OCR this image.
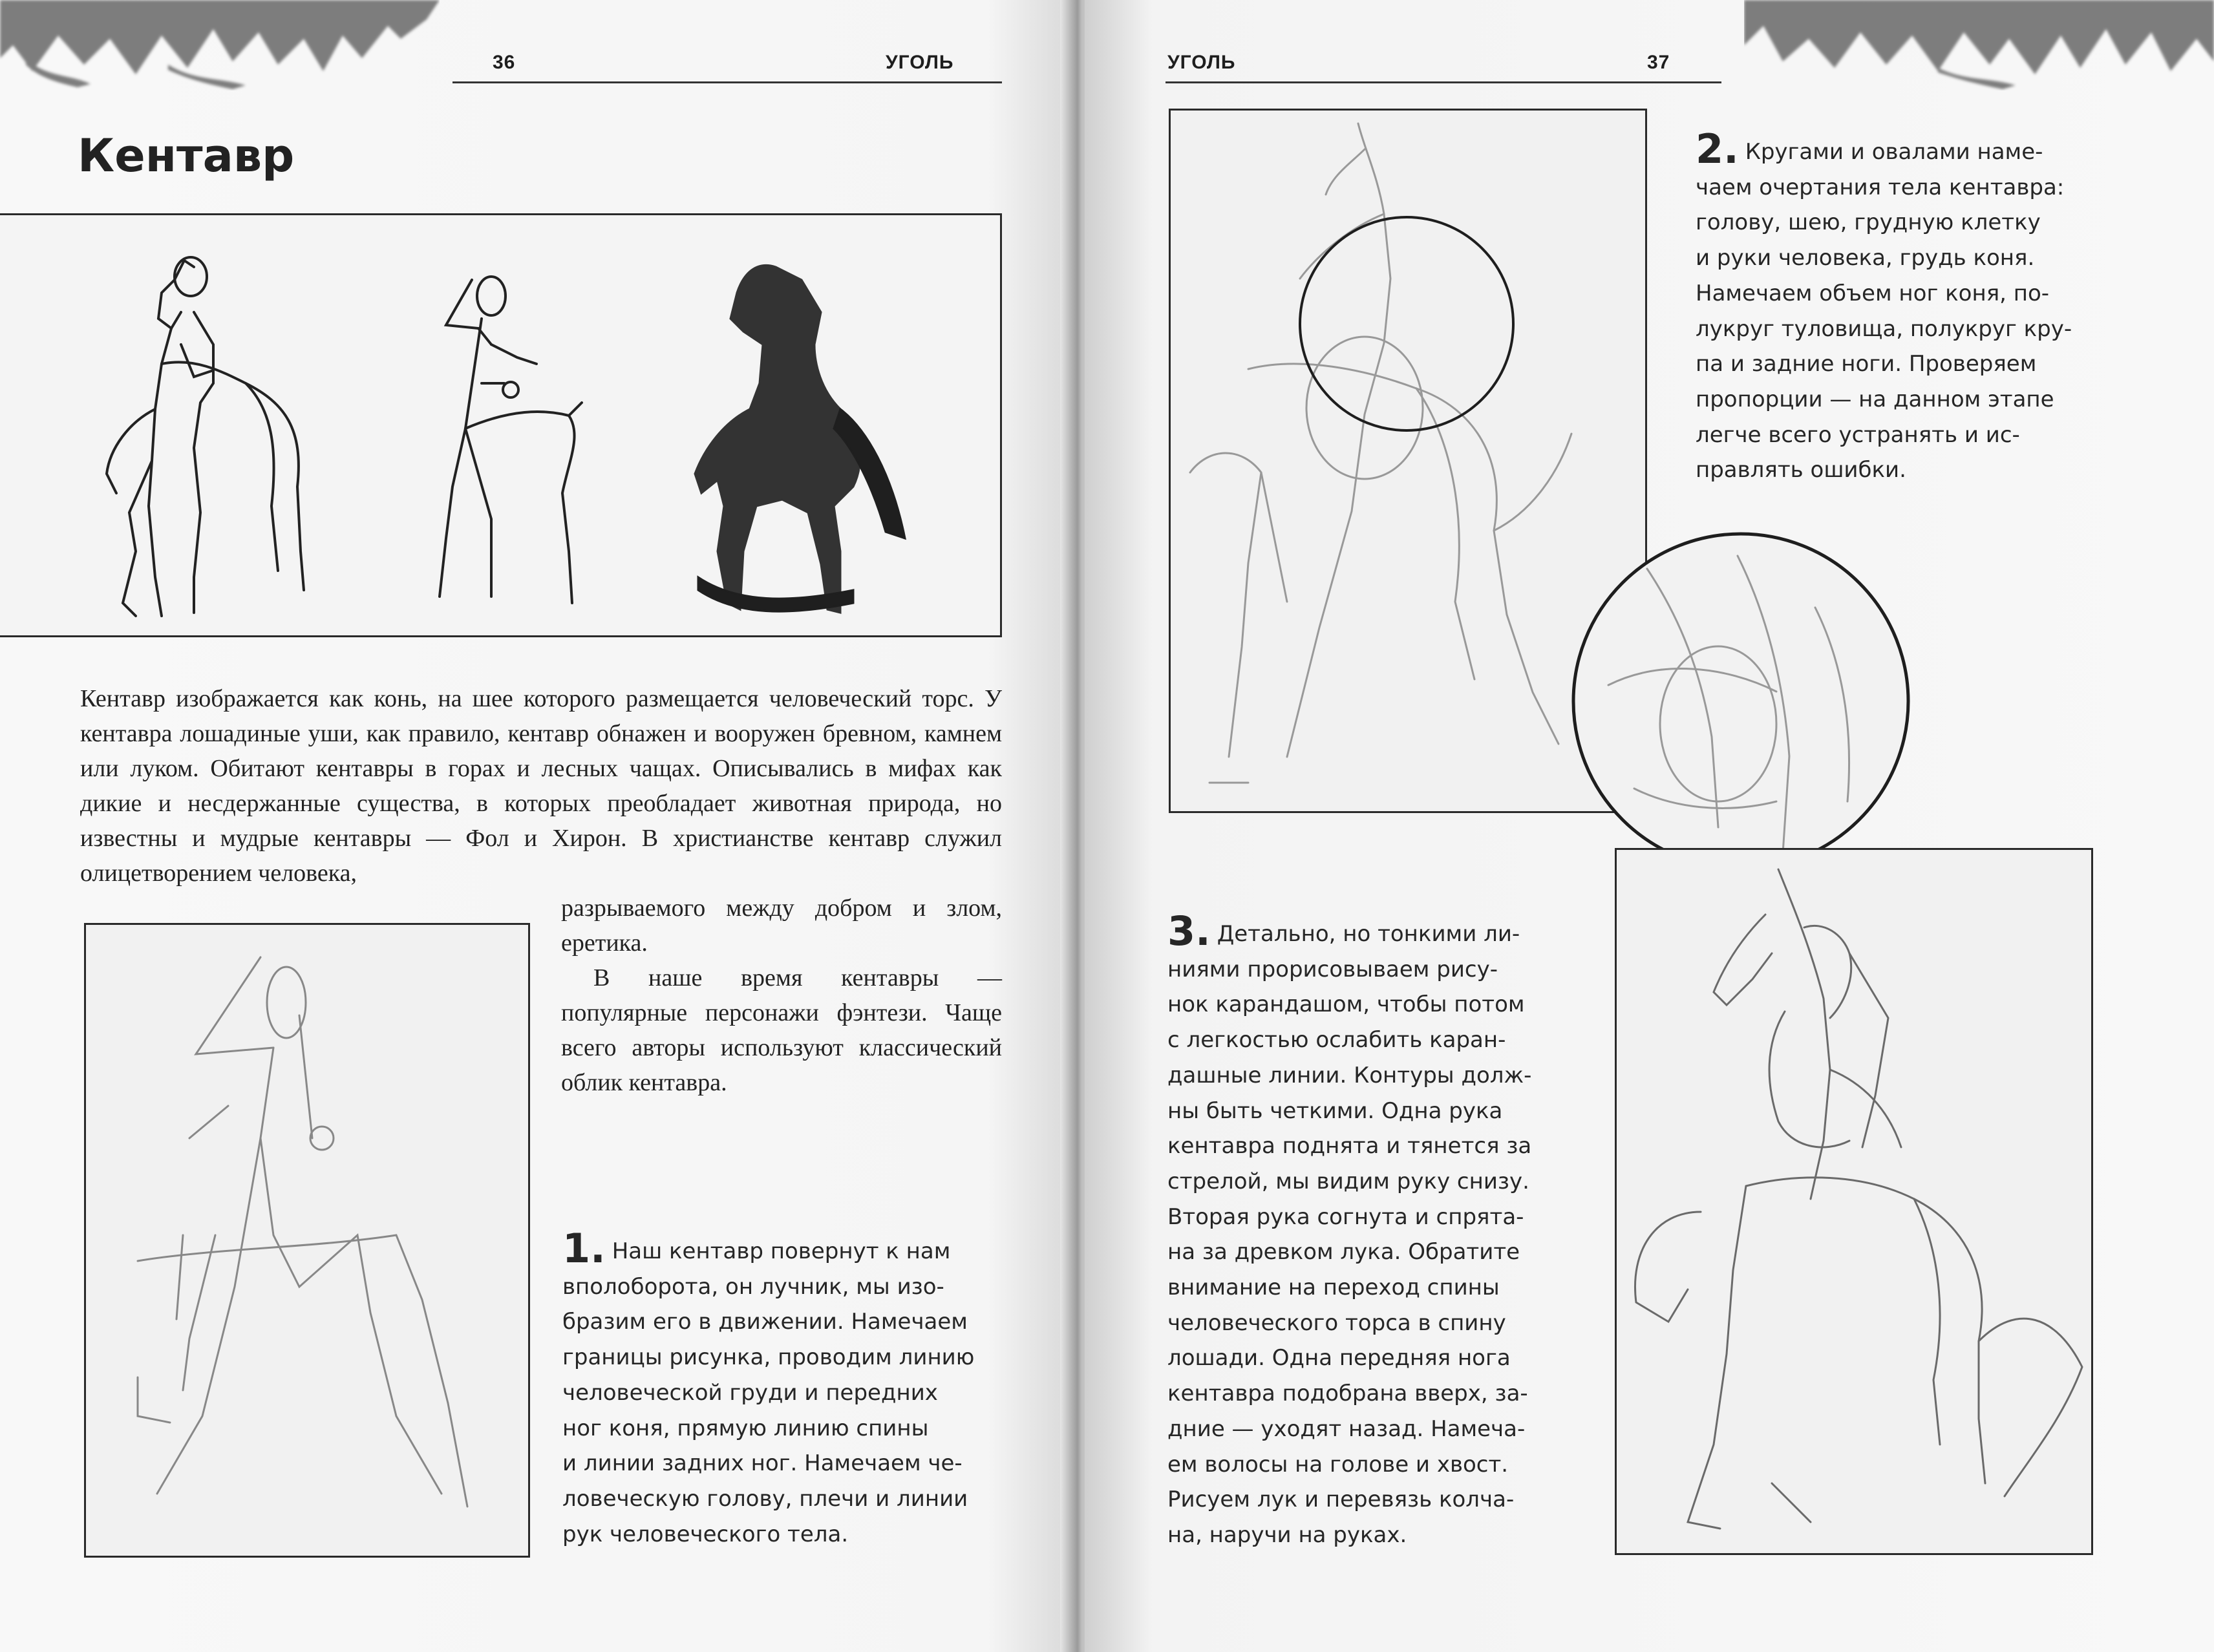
36	УГОЛЬ
Кентавр

Кентавр изображается как конь, на шее которого размещается человеческий торс. У кентавра лошадиные уши, как правило, кентавр обнажен и вооружен бревном, камнем или луком. Обитают кентавры в горах и лесных чащах. Описывались в мифах как дикие и несдержанные существа, в которых преобладает животная природа, но известны и мудрые кентавры — Фол и Хирон. В христианстве кентавр служил олицетворением человека,

разрываемого между добром и злом, еретика.

В наше время кентавры — популярные персонажи фэнтези. Чаще всего авторы используют классический облик кентавра.

1. Наш кентавр повернут к нам
вполоборота, он лучник, мы изо-
бразим его в движении. Намечаем
границы рисунка, проводим линию
человеческой груди и передних
ног коня, прямую линию спины
и линии задних ног. Намечаем че-
ловеческую голову, плечи и линии
рук человеческого тела.

УГОЛЬ	37

2. Кругами и овалами наме-
чаем очертания тела кентавра:
голову, шею, грудную клетку
и руки человека, грудь коня.
Намечаем объем ног коня, по-
лукруг туловища, полукруг кру-
па и задние ноги. Проверяем
пропорции — на данном этапе
легче всего устранять и ис-
правлять ошибки.

3. Детально, но тонкими ли-
ниями прорисовываем рису-
нок карандашом, чтобы потом
с легкостью ослабить каран-
дашные линии. Контуры долж-
ны быть четкими. Одна рука
кентавра поднята и тянется за
стрелой, мы видим руку снизу.
Вторая рука согнута и спрята-
на за древком лука. Обратите
внимание на переход спины
человеческого торса в спину
лошади. Одна передняя нога
кентавра подобрана вверх, за-
дние — уходят назад. Намеча-
ем волосы на голове и хвост.
Рисуем лук и перевязь колча-
на, наручи на руках.
